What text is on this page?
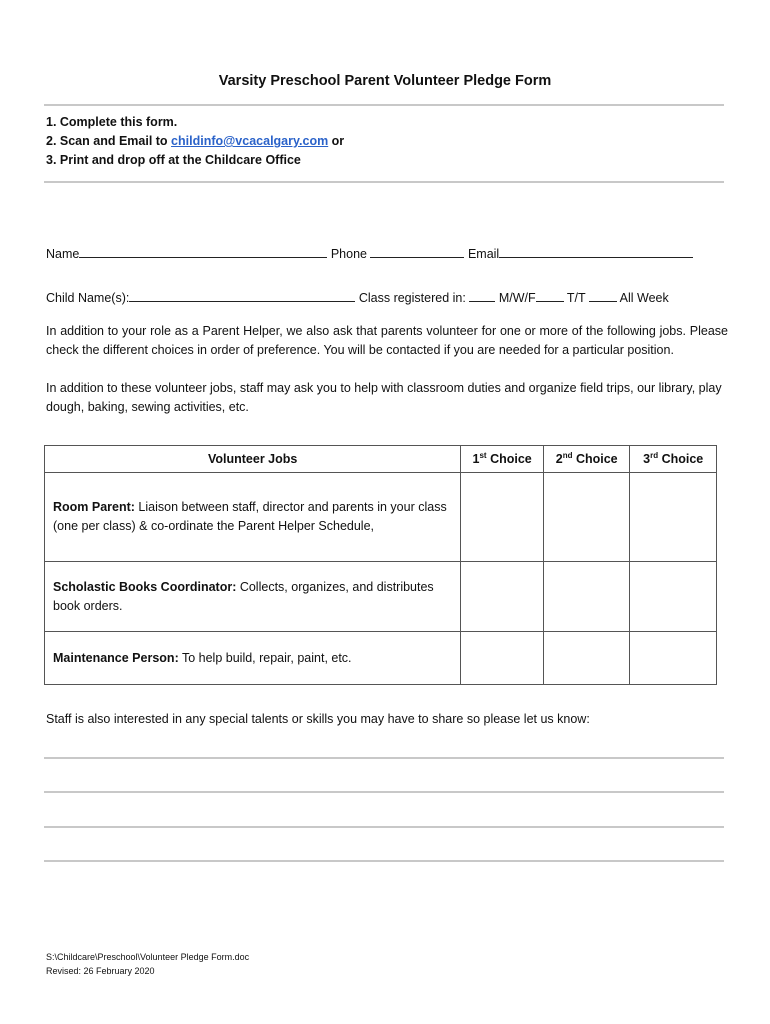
Varsity Preschool Parent Volunteer Pledge Form
1. Complete this form.
2. Scan and Email to childinfo@vcacalgary.com or
3. Print and drop off at the Childcare Office
Name	Phone	Email
Child Name(s):	Class registered in:	M/W/F	T/T	All Week
In addition to your role as a Parent Helper, we also ask that parents volunteer for one or more of the following jobs. Please check the different choices in order of preference. You will be contacted if you are needed for a particular position.
In addition to these volunteer jobs, staff may ask you to help with classroom duties and organize field trips, our library, play dough, baking, sewing activities, etc.
Volunteer Jobs	1st Choice	2nd Choice	3rd Choice
Room Parent: Liaison between staff, director and parents in your class (one per class) & co-ordinate the Parent Helper Schedule,			
Scholastic Books Coordinator: Collects, organizes, and distributes book orders.			
Maintenance Person: To help build, repair, paint, etc.			
Staff is also interested in any special talents or skills you may have to share so please let us know:
S:\Childcare\Preschool\Volunteer Pledge Form.doc
Revised: 26 February 2020
